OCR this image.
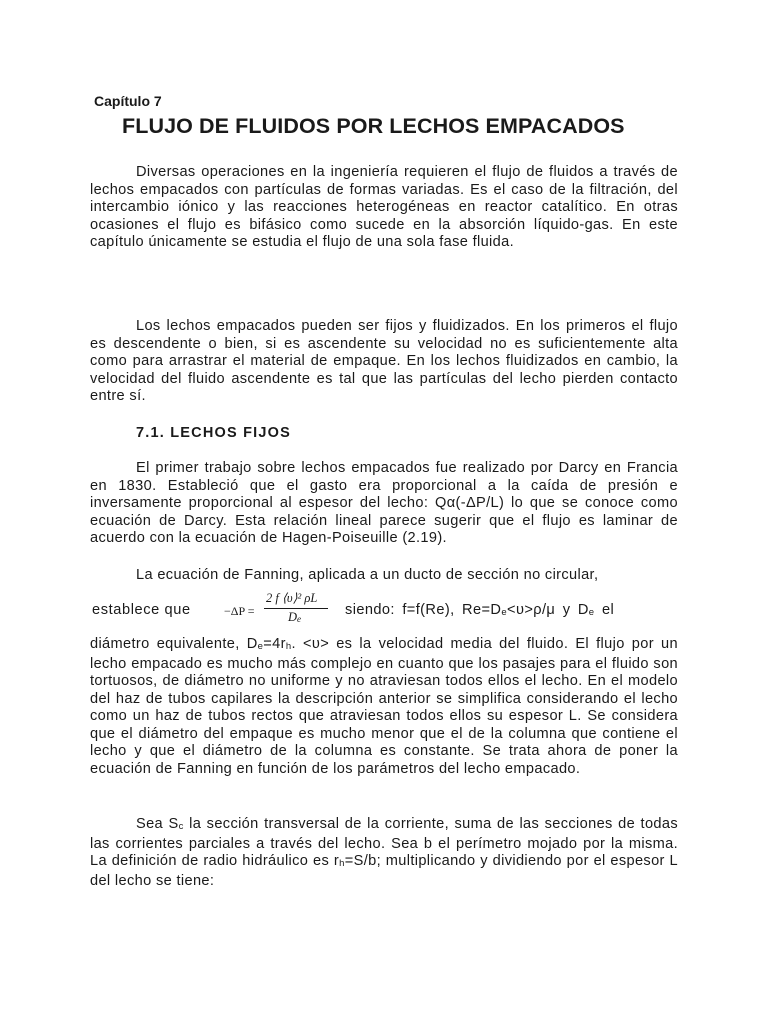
Capítulo 7
FLUJO DE FLUIDOS POR LECHOS EMPACADOS

Diversas operaciones en la ingeniería requieren el flujo de fluidos a través de lechos empacados con partículas de formas variadas. Es el caso de la filtración, del intercambio iónico y las reacciones heterogéneas en reactor catalítico. En otras ocasiones el flujo es bifásico como sucede en la absorción líquido-gas. En este capítulo únicamente se estudia el flujo de una sola fase fluida.

Los lechos empacados pueden ser fijos y fluidizados. En los primeros el flujo es descendente o bien, si es ascendente su velocidad no es suficientemente alta como para arrastrar el material de empaque. En los lechos fluidizados en cambio, la velocidad del fluido ascendente es tal que las partículas del lecho pierden contacto entre sí.

7.1. LECHOS FIJOS

El primer trabajo sobre lechos empacados fue realizado por Darcy en Francia en 1830. Estableció que el gasto era proporcional a la caída de presión e inversamente proporcional al espesor del lecho: Qα(-ΔP/L) lo que se conoce como ecuación de Darcy. Esta relación lineal parece sugerir que el flujo es laminar de acuerdo con la ecuación de Hagen-Poiseuille (2.19).

La ecuación de Fanning, aplicada a un ducto de sección no circular,

establece que	−ΔP =
2 f ⟨υ⟩² ρL
$D_e$
siendo: f=f(Re), $Re=D_e<\upsilon>\rho/\mu$ y $D_e$ el

diámetro equivalente, $D_e=4r_h$. <υ> es la velocidad media del fluido. El flujo por un lecho empacado es mucho más complejo en cuanto que los pasajes para el fluido son tortuosos, de diámetro no uniforme y no atraviesan todos ellos el lecho. En el modelo del haz de tubos capilares la descripción anterior se simplifica considerando el lecho como un haz de tubos rectos que atraviesan todos ellos su espesor L. Se considera que el diámetro del empaque es mucho menor que el de la columna que contiene el lecho y que el diámetro de la columna es constante. Se trata ahora de poner la ecuación de Fanning en función de los parámetros del lecho empacado.

Sea $S_c$ la sección transversal de la corriente, suma de las secciones de todas las corrientes parciales a través del lecho. Sea b el perímetro mojado por la misma. La definición de radio hidráulico es $r_h=S/b$; multiplicando y dividiendo por el espesor L del lecho se tiene:
